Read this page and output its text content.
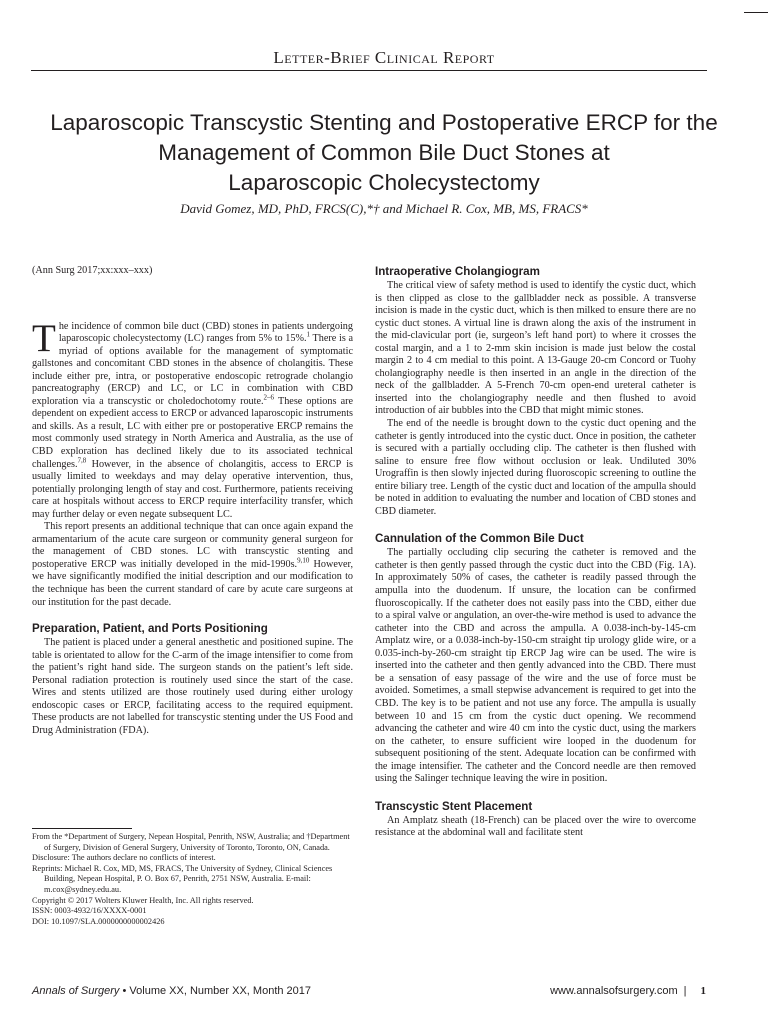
Letter-Brief Clinical Report
Laparoscopic Transcystic Stenting and Postoperative ERCP for the
Management of Common Bile Duct Stones at
Laparoscopic Cholecystectomy
David Gomez, MD, PhD, FRCS(C),*† and Michael R. Cox, MB, MS, FRACS*

(Ann Surg 2017;xx:xxx–xxx)

The incidence of common bile duct (CBD) stones in patients undergoing laparoscopic cholecystectomy (LC) ranges from 5% to 15%.$^1$ There is a myriad of options available for the management of symptomatic gallstones and concomitant CBD stones in the absence of cholangitis. These include either pre, intra, or postoperative endoscopic retrograde cholangio pancreatography (ERCP) and LC, or LC in combination with CBD exploration via a transcystic or choledochotomy route.$^{2-6}$ These options are dependent on expedient access to ERCP or advanced laparoscopic instruments and skills. As a result, LC with either pre or postoperative ERCP remains the most commonly used strategy in North America and Australia, as the use of CBD exploration has declined likely due to its associated technical challenges.$^{7,8}$ However, in the absence of cholangitis, access to ERCP is usually limited to weekdays and may delay operative intervention, thus, potentially prolonging length of stay and cost. Furthermore, patients receiving care at hospitals without access to ERCP require interfacility transfer, which may further delay or even negate subsequent LC.

This report presents an additional technique that can once again expand the armamentarium of the acute care surgeon or community general surgeon for the management of CBD stones. LC with transcystic stenting and postoperative ERCP was initially developed in the mid-1990s.$^{9,10}$ However, we have significantly modified the initial description and our modification to the technique has been the current standard of care by acute care surgeons at our institution for the past decade.

Preparation, Patient, and Ports Positioning

The patient is placed under a general anesthetic and positioned supine. The table is orientated to allow for the C-arm of the image intensifier to come from the patient’s right hand side. The surgeon stands on the patient’s left side. Personal radiation protection is routinely used since the start of the case. Wires and stents utilized are those routinely used during either urology endoscopic cases or ERCP, facilitating access to the required equipment. These products are not labelled for transcystic stenting under the US Food and Drug Administration (FDA).

From the *Department of Surgery, Nepean Hospital, Penrith, NSW, Australia; and †Department of Surgery, Division of General Surgery, University of Toronto, Toronto, ON, Canada.

Disclosure: The authors declare no conflicts of interest.

Reprints: Michael R. Cox, MD, MS, FRACS, The University of Sydney, Clinical Sciences Building, Nepean Hospital, P. O. Box 67, Penrith, 2751 NSW, Australia. E-mail: m.cox@sydney.edu.au.

Copyright © 2017 Wolters Kluwer Health, Inc. All rights reserved.

ISSN: 0003-4932/16/XXXX-0001

DOI: 10.1097/SLA.0000000000002426

Intraoperative Cholangiogram

The critical view of safety method is used to identify the cystic duct, which is then clipped as close to the gallbladder neck as possible. A transverse incision is made in the cystic duct, which is then milked to ensure there are no cystic duct stones. A virtual line is drawn along the axis of the instrument in the mid-clavicular port (ie, surgeon’s left hand port) to where it crosses the costal margin, and a 1 to 2-mm skin incision is made just below the costal margin 2 to 4 cm medial to this point. A 13-Gauge 20-cm Concord or Tuohy cholangiography needle is then inserted in an angle in the direction of the neck of the gallbladder. A 5-French 70-cm open-end ureteral catheter is inserted into the cholangiography needle and then flushed to avoid introduction of air bubbles into the CBD that might mimic stones.

The end of the needle is brought down to the cystic duct opening and the catheter is gently introduced into the cystic duct. Once in position, the catheter is secured with a partially occluding clip. The catheter is then flushed with saline to ensure free flow without occlusion or leak. Undiluted 30% Urograffin is then slowly injected during fluoroscopic screening to outline the entire biliary tree. Length of the cystic duct and location of the ampulla should be noted in addition to evaluating the number and location of CBD stones and CBD diameter.

Cannulation of the Common Bile Duct

The partially occluding clip securing the catheter is removed and the catheter is then gently passed through the cystic duct into the CBD (Fig. 1A). In approximately 50% of cases, the catheter is readily passed through the ampulla into the duodenum. If unsure, the location can be confirmed fluoroscopically. If the catheter does not easily pass into the CBD, either due to a spiral valve or angulation, an over-the-wire method is used to advance the catheter into the CBD and across the ampulla. A 0.038-inch-by-145-cm Amplatz wire, or a 0.038-inch-by-150-cm straight tip urology glide wire, or a 0.035-inch-by-260-cm straight tip ERCP Jag wire can be used. The wire is inserted into the catheter and then gently advanced into the CBD. There must be a sensation of easy passage of the wire and the use of force must be avoided. Sometimes, a small stepwise advancement is required to get into the CBD. The key is to be patient and not use any force. The ampulla is usually between 10 and 15 cm from the cystic duct opening. We recommend advancing the catheter and wire 40 cm into the cystic duct, using the markers on the catheter, to ensure sufficient wire looped in the duodenum for subsequent positioning of the stent. Adequate location can be confirmed with the image intensifier. The catheter and the Concord needle are then removed using the Salinger technique leaving the wire in position.

Transcystic Stent Placement

An Amplatz sheath (18-French) can be placed over the wire to overcome resistance at the abdominal wall and facilitate stent

Annals of Surgery • Volume XX, Number XX, Month 2017	www.annalsofsurgery.com | 1
